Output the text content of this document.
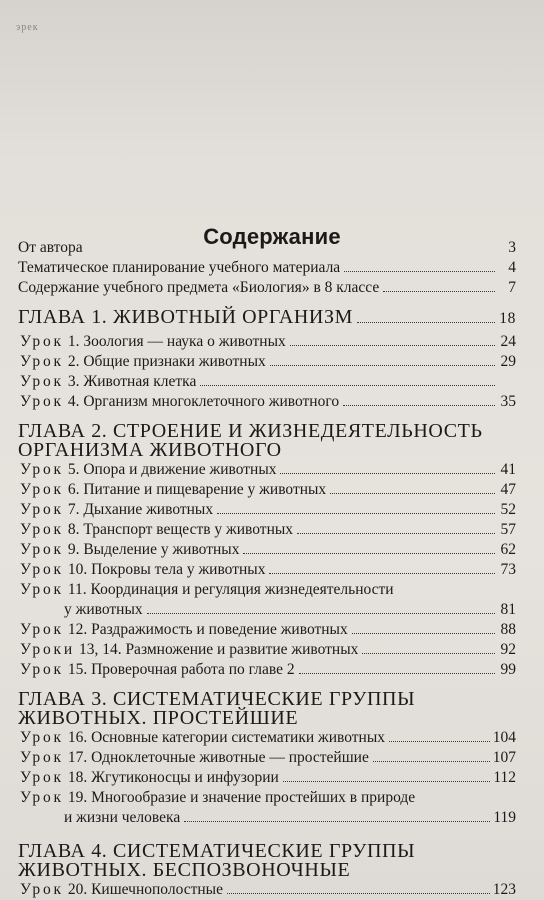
эрек
Содержание
От автора	3
Тематическое планирование учебного материала	4
Содержание учебного предмета «Биология» в 8 классе	7
ГЛАВА 1. ЖИВОТНЫЙ ОРГАНИЗМ	18
Урок 1. Зоология — наука о животных	24
Урок 2. Общие признаки животных	29
Урок 3. Животная клетка
Урок 4. Организм многоклеточного животного	35
ГЛАВА 2. СТРОЕНИЕ И ЖИЗНЕДЕЯТЕЛЬНОСТЬ
ОРГАНИЗМА ЖИВОТНОГО
Урок 5. Опора и движение животных	41
Урок 6. Питание и пищеварение у животных	47
Урок 7. Дыхание животных	52
Урок 8. Транспорт веществ у животных	57
Урок 9. Выделение у животных	62
Урок 10. Покровы тела у животных	73
Урок 11. Координация и регуляция жизнедеятельности
у животных	81
Урок 12. Раздражимость и поведение животных	88
Уроки 13, 14. Размножение и развитие животных	92
Урок 15. Проверочная работа по главе 2	99
ГЛАВА 3. СИСТЕМАТИЧЕСКИЕ ГРУППЫ
ЖИВОТНЫХ. ПРОСТЕЙШИЕ
Урок 16. Основные категории систематики животных	104
Урок 17. Одноклеточные животные — простейшие	107
Урок 18. Жгутиконосцы и инфузории	112
Урок 19. Многообразие и значение простейших в природе
и жизни человека	119
ГЛАВА 4. СИСТЕМАТИЧЕСКИЕ ГРУППЫ
ЖИВОТНЫХ. БЕСПОЗВОНОЧНЫЕ
Урок 20. Кишечнополостные	123
